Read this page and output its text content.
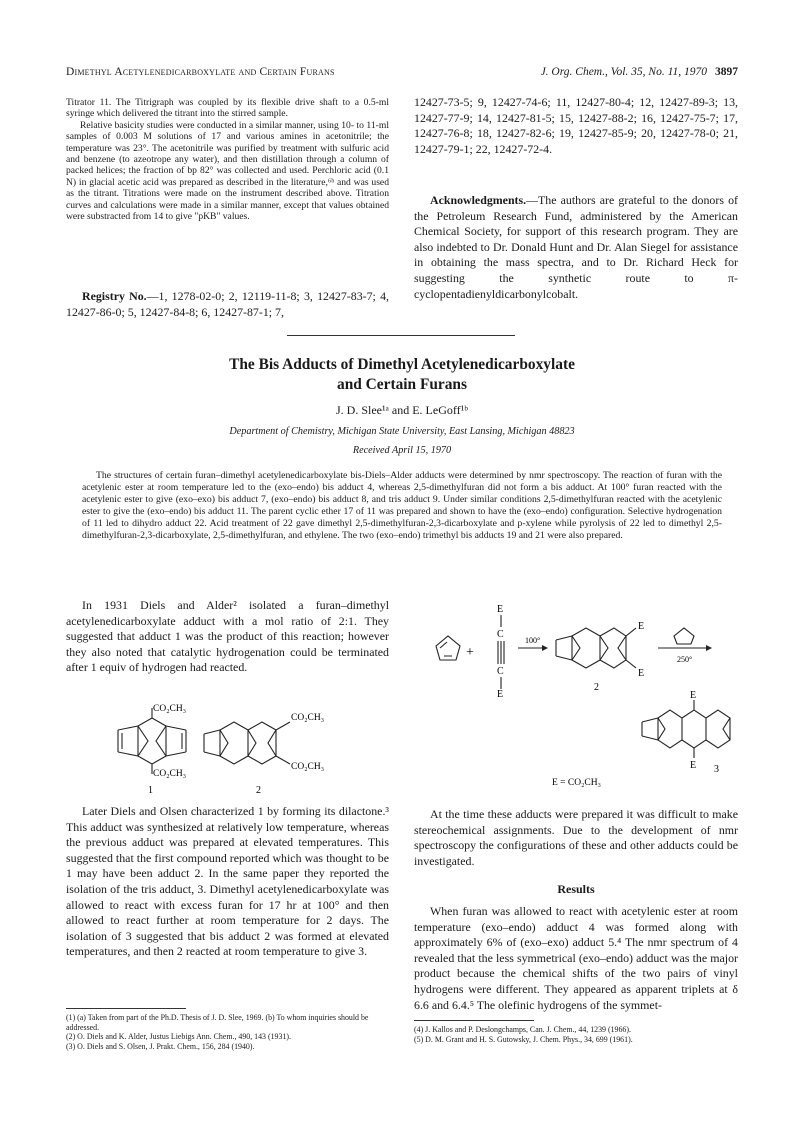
Dimethyl Acetylenedicarboxylate and Certain Furans	J. Org. Chem., Vol. 35, No. 11, 1970 3897

Titrator 11. The Titrigraph was coupled by its flexible drive shaft to a 0.5-ml syringe which delivered the titrant into the stirred sample.

Relative basicity studies were conducted in a similar manner, using 10- to 11-ml samples of 0.003 M solutions of 17 and various amines in acetonitrile; the temperature was 23°. The acetonitrile was purified by treatment with sulfuric acid and benzene (to azeotrope any water), and then distillation through a column of packed helices; the fraction of bp 82° was collected and used. Perchloric acid (0.1 N) in glacial acetic acid was prepared as described in the literature,⁶ᵇ and was used as the titrant. Titrations were made on the instrument described above. Titration curves and calculations were made in a similar manner, except that values obtained were substracted from 14 to give "pKB" values.

Registry No.—1, 1278-02-0; 2, 12119-11-8; 3, 12427-83-7; 4, 12427-86-0; 5, 12427-84-8; 6, 12427-87-1; 7,

12427-73-5; 9, 12427-74-6; 11, 12427-80-4; 12, 12427-89-3; 13, 12427-77-9; 14, 12427-81-5; 15, 12427-88-2; 16, 12427-75-7; 17, 12427-76-8; 18, 12427-82-6; 19, 12427-85-9; 20, 12427-78-0; 21, 12427-79-1; 22, 12427-72-4.

Acknowledgments.—The authors are grateful to the donors of the Petroleum Research Fund, administered by the American Chemical Society, for support of this research program. They are also indebted to Dr. Donald Hunt and Dr. Alan Siegel for assistance in obtaining the mass spectra, and to Dr. Richard Heck for suggesting the synthetic route to π-cyclopentadienyldicarbonylcobalt.

The Bis Adducts of Dimethyl Acetylenedicarboxylate
and Certain Furans
J. D. Slee¹ᵃ and E. LeGoff¹ᵇ
Department of Chemistry, Michigan State University, East Lansing, Michigan 48823
Received April 15, 1970

The structures of certain furan–dimethyl acetylenedicarboxylate bis-Diels–Alder adducts were determined by nmr spectroscopy. The reaction of furan with the acetylenic ester at room temperature led to the (exo–endo) bis adduct 4, whereas 2,5-dimethylfuran did not form a bis adduct. At 100° furan reacted with the acetylenic ester to give (exo–exo) bis adduct 7, (exo–endo) bis adduct 8, and tris adduct 9. Under similar conditions 2,5-dimethylfuran reacted with the acetylenic ester to give the (exo–endo) bis adduct 11. The parent cyclic ether 17 of 11 was prepared and shown to have the (exo–endo) configuration. Selective hydrogenation of 11 led to dihydro adduct 22. Acid treatment of 22 gave dimethyl 2,5-dimethylfuran-2,3-dicarboxylate and p-xylene while pyrolysis of 22 led to dimethyl 2,5-dimethylfuran-2,3-dicarboxylate, 2,5-dimethylfuran, and ethylene. The two (exo–endo) trimethyl bis adducts 19 and 21 were also prepared.

In 1931 Diels and Alder² isolated a furan–dimethyl acetylenedicarboxylate adduct with a mol ratio of 2:1. They suggested that adduct 1 was the product of this reaction; however they also noted that catalytic hydrogenation could be terminated after 1 equiv of hydrogen had reacted.

CO₂CH₃
CO₂CH₃
1
CO₂CH₃
CO₂CH₃
2
+
E
C
C
E
100°
E
E
2
250°
E
E 3
E = CO₂CH₃

Later Diels and Olsen characterized 1 by forming its dilactone.³ This adduct was synthesized at relatively low temperature, whereas the previous adduct was prepared at elevated temperatures. This suggested that the first compound reported which was thought to be 1 may have been adduct 2. In the same paper they reported the isolation of the tris adduct, 3. Dimethyl acetylenedicarboxylate was allowed to react with excess furan for 17 hr at 100° and then allowed to react further at room temperature for 2 days. The isolation of 3 suggested that bis adduct 2 was formed at elevated temperatures, and then 2 reacted at room temperature to give 3.

(1) (a) Taken from part of the Ph.D. Thesis of J. D. Slee, 1969. (b) To whom inquiries should be addressed.

(2) O. Diels and K. Alder, Justus Liebigs Ann. Chem., 490, 143 (1931).

(3) O. Diels and S. Olsen, J. Prakt. Chem., 156, 284 (1940).

At the time these adducts were prepared it was difficult to make stereochemical assignments. Due to the development of nmr spectroscopy the configurations of these and other adducts could be investigated.

Results

When furan was allowed to react with acetylenic ester at room temperature (exo–endo) adduct 4 was formed along with approximately 6% of (exo–exo) adduct 5.⁴ The nmr spectrum of 4 revealed that the less symmetrical (exo–endo) adduct was the major product because the chemical shifts of the two pairs of vinyl hydrogens were different. They appeared as apparent triplets at δ 6.6 and 6.4.⁵ The olefinic hydrogens of the symmet-

(4) J. Kallos and P. Deslongchamps, Can. J. Chem., 44, 1239 (1966).

(5) D. M. Grant and H. S. Gutowsky, J. Chem. Phys., 34, 699 (1961).
